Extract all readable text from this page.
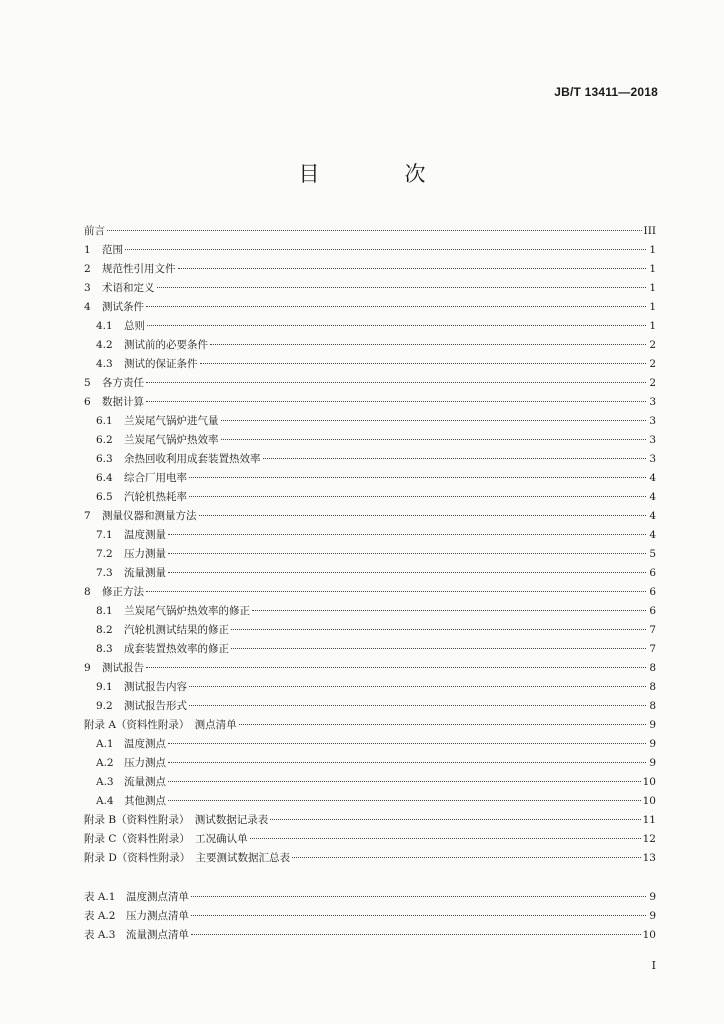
JB/T 13411—2018
目　次
前言	III
1	范围	1
2	规范性引用文件	1
3	术语和定义	1
4	测试条件	1
4.1	总则	1
4.2	测试前的必要条件	2
4.3	测试的保证条件	2
5	各方责任	2
6	数据计算	3
6.1	兰炭尾气锅炉进气量	3
6.2	兰炭尾气锅炉热效率	3
6.3	余热回收利用成套装置热效率	3
6.4	综合厂用电率	4
6.5	汽轮机热耗率	4
7	测量仪器和测量方法	4
7.1	温度测量	4
7.2	压力测量	5
7.3	流量测量	6
8	修正方法	6
8.1	兰炭尾气锅炉热效率的修正	6
8.2	汽轮机测试结果的修正	7
8.3	成套装置热效率的修正	7
9	测试报告	8
9.1	测试报告内容	8
9.2	测试报告形式	8
附录 A（资料性附录）　测点清单	9
A.1 温度测点	9
A.2 压力测点	9
A.3 流量测点	10
A.4 其他测点	10
附录 B（资料性附录）　测试数据记录表	11
附录 C（资料性附录）　工况确认单	12
附录 D（资料性附录）　主要测试数据汇总表	13
表 A.1　温度测点清单	9
表 A.2　压力测点清单	9
表 A.3　流量测点清单	10
I
